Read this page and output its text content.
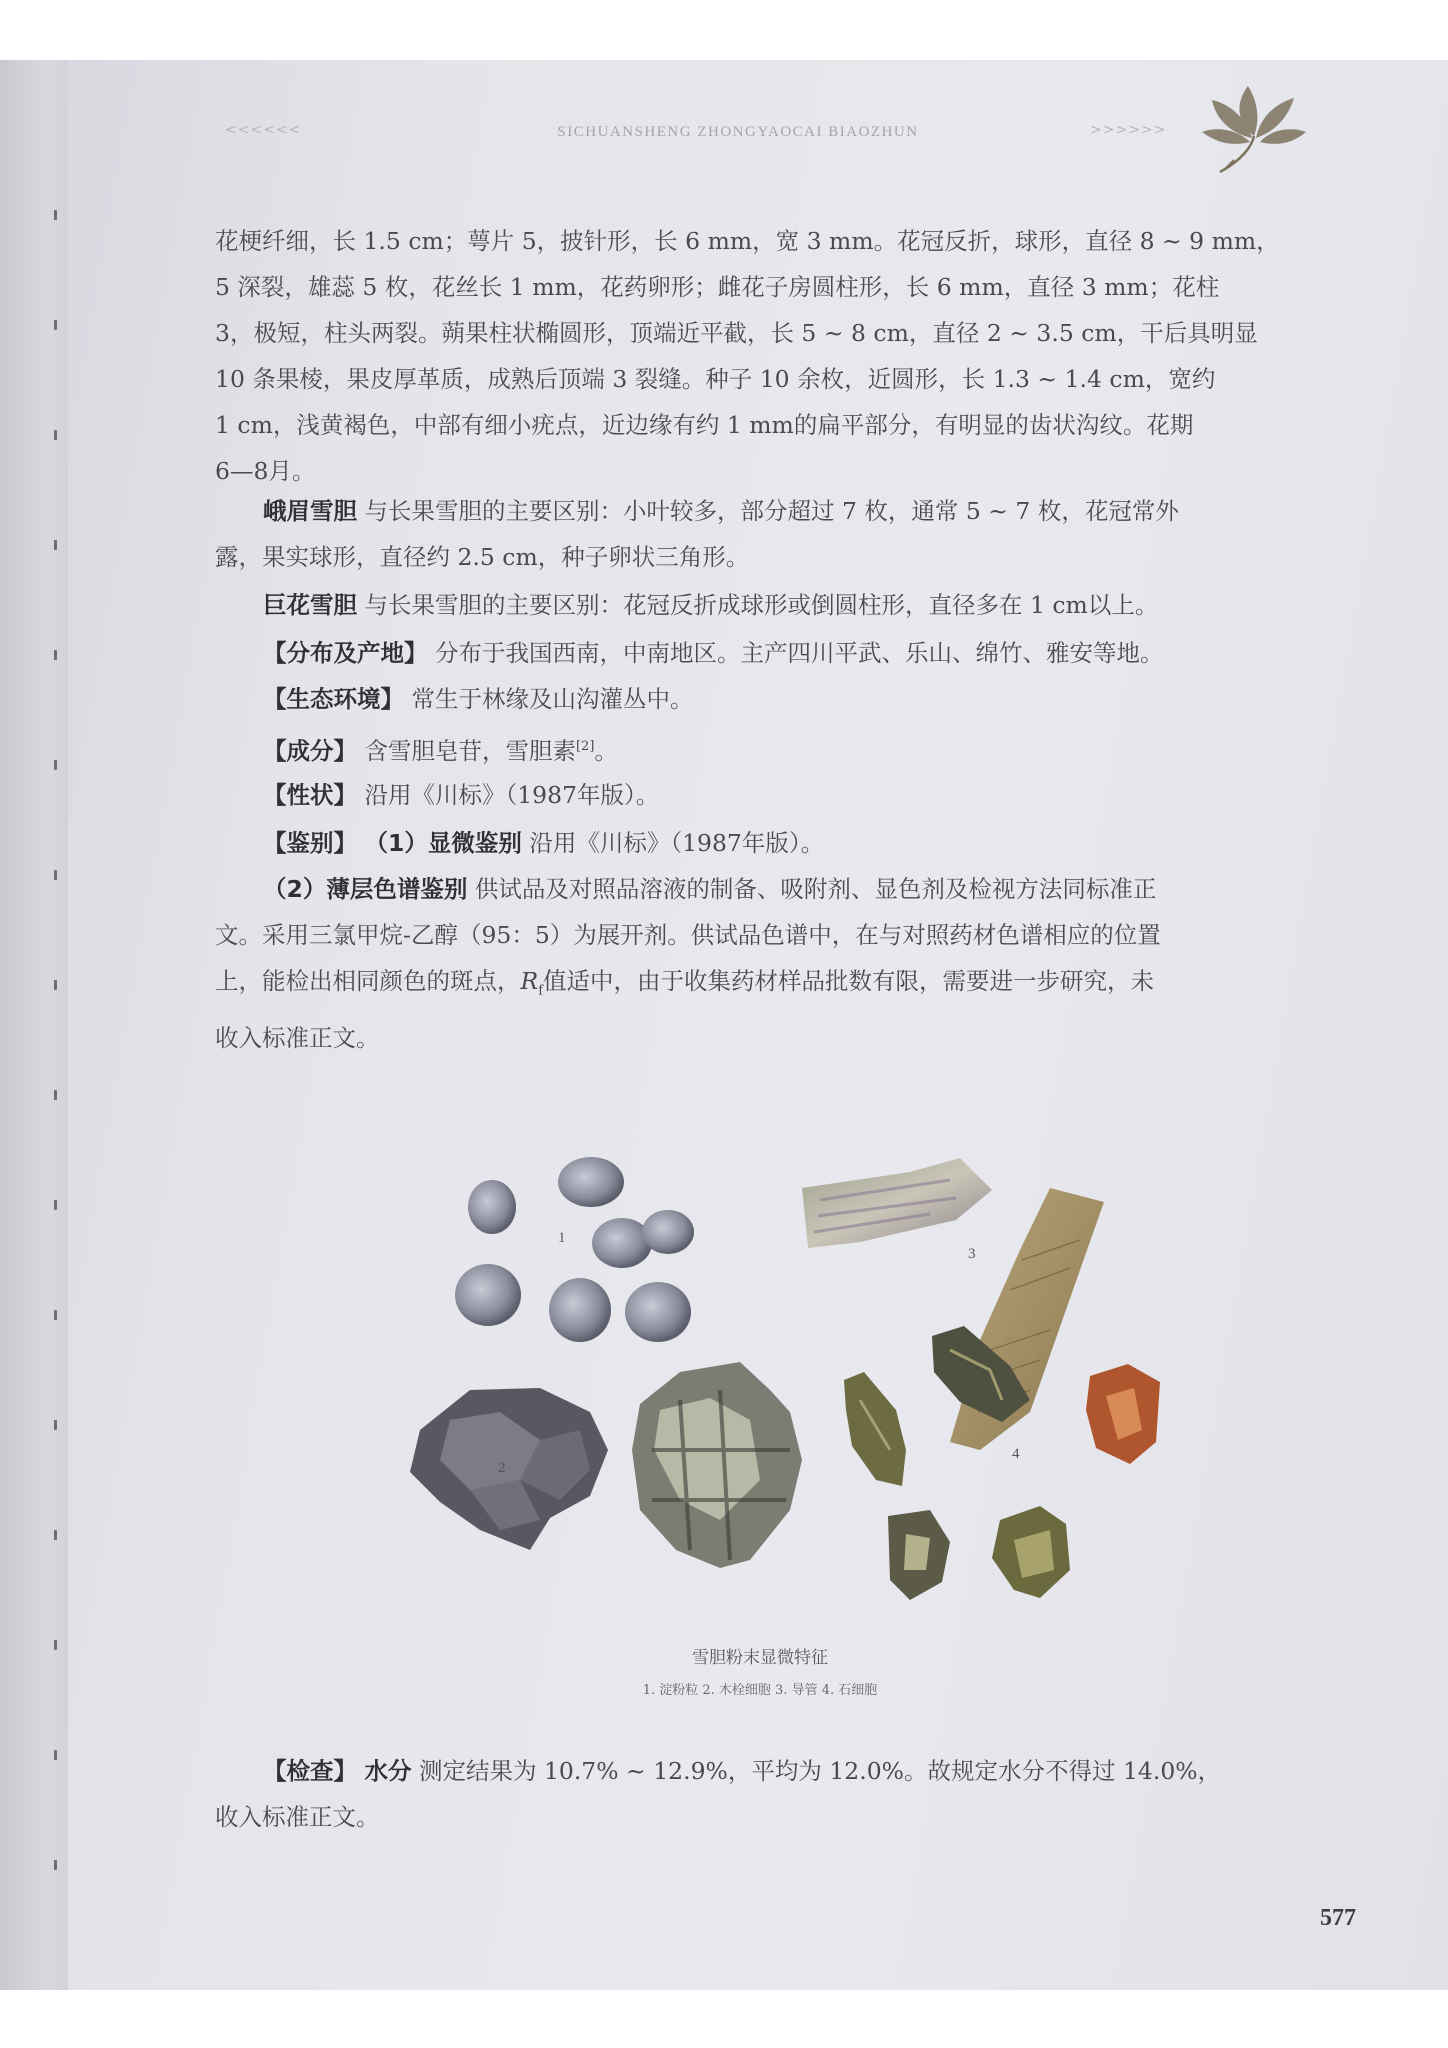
<<<<<<	SICHUANSHENG ZHONGYAOCAI BIAOZHUN	>>>>>>
花梗纤细，长 1.5 cm；萼片 5，披针形，长 6 mm，宽 3 mm。花冠反折，球形，直径 8 ~ 9 mm，
5 深裂，雄蕊 5 枚，花丝长 1 mm，花药卵形；雌花子房圆柱形，长 6 mm，直径 3 mm；花柱
3，极短，柱头两裂。蒴果柱状椭圆形，顶端近平截，长 5 ~ 8 cm，直径 2 ~ 3.5 cm，干后具明显
10 条果棱，果皮厚革质，成熟后顶端 3 裂缝。种子 10 余枚，近圆形，长 1.3 ~ 1.4 cm，宽约
1 cm，浅黄褐色，中部有细小疣点，近边缘有约 1 mm的扁平部分，有明显的齿状沟纹。花期
6—8月。
峨眉雪胆 与长果雪胆的主要区别：小叶较多，部分超过 7 枚，通常 5 ~ 7 枚，花冠常外
露，果实球形，直径约 2.5 cm，种子卵状三角形。
巨花雪胆 与长果雪胆的主要区别：花冠反折成球形或倒圆柱形，直径多在 1 cm以上。
【分布及产地】 分布于我国西南，中南地区。主产四川平武、乐山、绵竹、雅安等地。
【生态环境】 常生于林缘及山沟灌丛中。
【成分】 含雪胆皂苷，雪胆素[2]。
【性状】 沿用《川标》（1987年版）。
【鉴别】 （1）显微鉴别 沿用《川标》（1987年版）。
（2）薄层色谱鉴别 供试品及对照品溶液的制备、吸附剂、显色剂及检视方法同标准正
文。采用三氯甲烷-乙醇（95：5）为展开剂。供试品色谱中，在与对照药材色谱相应的位置
上，能检出相同颜色的斑点，$R_f$值适中，由于收集药材样品批数有限，需要进一步研究，未
收入标准正文。
1
3
2
4
雪胆粉末显微特征
1. 淀粉粒 2. 木栓细胞 3. 导管 4. 石细胞
【检查】 水分 测定结果为 10.7% ~ 12.9%，平均为 12.0%。故规定水分不得过 14.0%，
收入标准正文。
577
